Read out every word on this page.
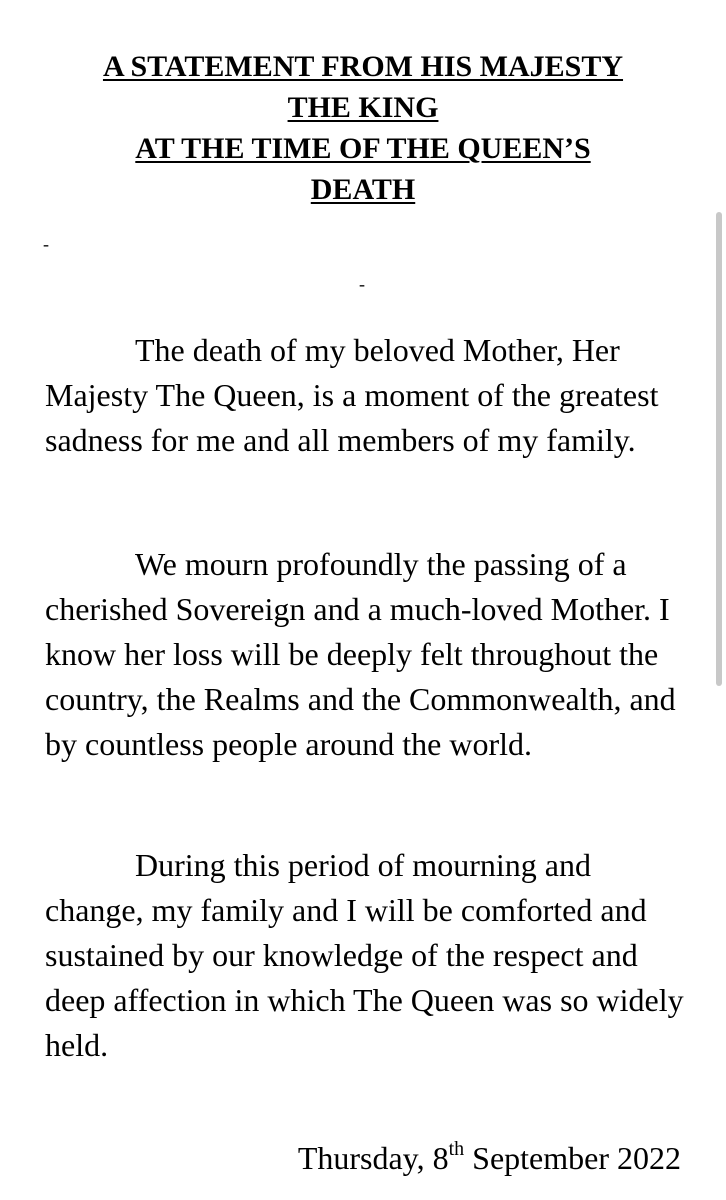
A STATEMENT FROM HIS MAJESTY
THE KING
AT THE TIME OF THE QUEEN’S
DEATH
-
-

The death of my beloved Mother, Her Majesty The Queen, is a moment of the greatest sadness for me and all members of my family.

We mourn profoundly the passing of a cherished Sovereign and a much-loved Mother. I know her loss will be deeply felt throughout the country, the Realms and the Commonwealth, and by countless people around the world.

During this period of mourning and change, my family and I will be comforted and sustained by our knowledge of the respect and deep affection in which The Queen was so widely held.

Thursday, 8th September 2022
